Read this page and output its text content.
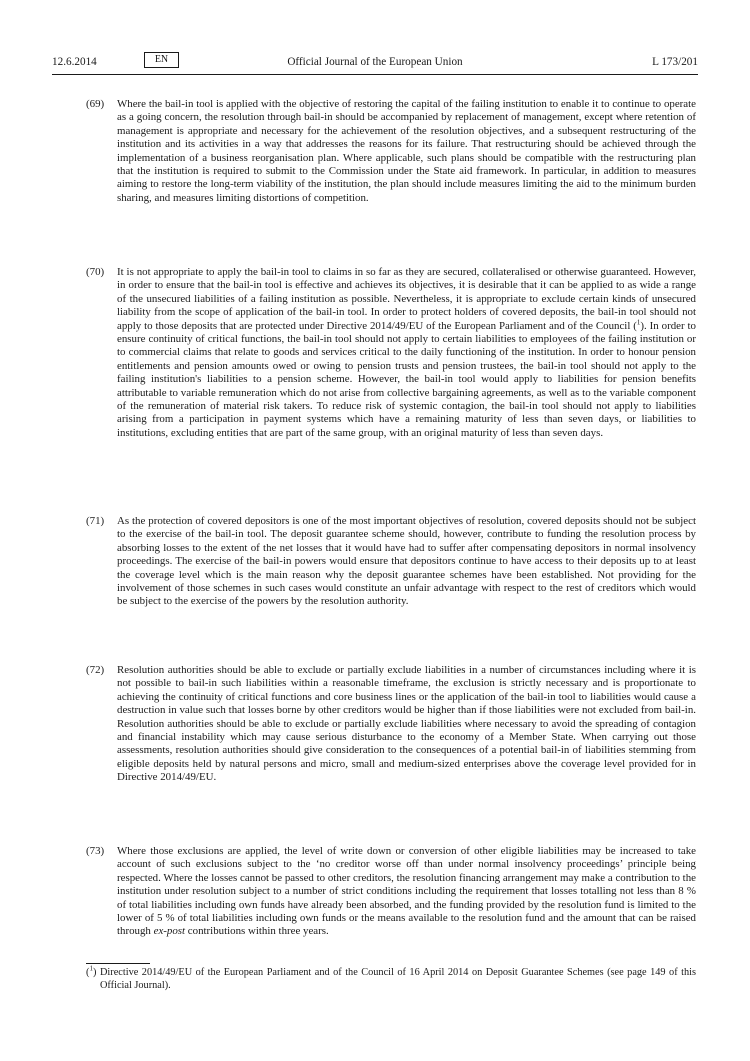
12.6.2014	EN	Official Journal of the European Union	L 173/201
(69)	Where the bail-in tool is applied with the objective of restoring the capital of the failing institution to enable it to continue to operate as a going concern, the resolution through bail-in should be accompanied by replacement of management, except where retention of management is appropriate and necessary for the achievement of the resolution objectives, and a subsequent restructuring of the institution and its activities in a way that addresses the reasons for its failure. That restructuring should be achieved through the implementation of a business reorganisation plan. Where applicable, such plans should be compatible with the restructuring plan that the institution is required to submit to the Commission under the State aid framework. In particular, in addition to measures aiming to restore the long-term viability of the institution, the plan should include measures limiting the aid to the minimum burden sharing, and measures limiting distortions of competition.
(70)	It is not appropriate to apply the bail-in tool to claims in so far as they are secured, collateralised or otherwise guaranteed. However, in order to ensure that the bail-in tool is effective and achieves its objectives, it is desirable that it can be applied to as wide a range of the unsecured liabilities of a failing institution as possible. Nevertheless, it is appropriate to exclude certain kinds of unsecured liability from the scope of application of the bail-in tool. In order to protect holders of covered deposits, the bail-in tool should not apply to those deposits that are protected under Directive 2014/49/EU of the European Parliament and of the Council ($^1$). In order to ensure continuity of critical functions, the bail-in tool should not apply to certain liabilities to employees of the failing institution or to commercial claims that relate to goods and services critical to the daily functioning of the institution. In order to honour pension entitlements and pension amounts owed or owing to pension trusts and pension trustees, the bail-in tool should not apply to the failing institution's liabilities to a pension scheme. However, the bail-in tool would apply to liabilities for pension benefits attributable to variable remuneration which do not arise from collective bargaining agreements, as well as to the variable component of the remuneration of material risk takers. To reduce risk of systemic contagion, the bail-in tool should not apply to liabilities arising from a participation in payment systems which have a remaining maturity of less than seven days, or liabilities to institutions, excluding entities that are part of the same group, with an original maturity of less than seven days.
(71)	As the protection of covered depositors is one of the most important objectives of resolution, covered deposits should not be subject to the exercise of the bail-in tool. The deposit guarantee scheme should, however, contribute to funding the resolution process by absorbing losses to the extent of the net losses that it would have had to suffer after compensating depositors in normal insolvency proceedings. The exercise of the bail-in powers would ensure that depositors continue to have access to their deposits up to at least the coverage level which is the main reason why the deposit guarantee schemes have been established. Not providing for the involvement of those schemes in such cases would constitute an unfair advantage with respect to the rest of creditors which would be subject to the exercise of the powers by the resolution authority.
(72)	Resolution authorities should be able to exclude or partially exclude liabilities in a number of circumstances including where it is not possible to bail-in such liabilities within a reasonable timeframe, the exclusion is strictly necessary and is proportionate to achieving the continuity of critical functions and core business lines or the application of the bail-in tool to liabilities would cause a destruction in value such that losses borne by other creditors would be higher than if those liabilities were not excluded from bail-in. Resolution authorities should be able to exclude or partially exclude liabilities where necessary to avoid the spreading of contagion and financial instability which may cause serious disturbance to the economy of a Member State. When carrying out those assessments, resolution authorities should give consideration to the consequences of a potential bail-in of liabilities stemming from eligible deposits held by natural persons and micro, small and medium-sized enterprises above the coverage level provided for in Directive 2014/49/EU.
(73)	Where those exclusions are applied, the level of write down or conversion of other eligible liabilities may be increased to take account of such exclusions subject to the ‘no creditor worse off than under normal insolvency proceedings’ principle being respected. Where the losses cannot be passed to other creditors, the resolution financing arrangement may make a contribution to the institution under resolution subject to a number of strict conditions including the requirement that losses totalling not less than 8 % of total liabilities including own funds have already been absorbed, and the funding provided by the resolution fund is limited to the lower of 5 % of total liabilities including own funds or the means available to the resolution fund and the amount that can be raised through ex-post contributions within three years.
($^1$) Directive 2014/49/EU of the European Parliament and of the Council of 16 April 2014 on Deposit Guarantee Schemes (see page 149 of this Official Journal).
